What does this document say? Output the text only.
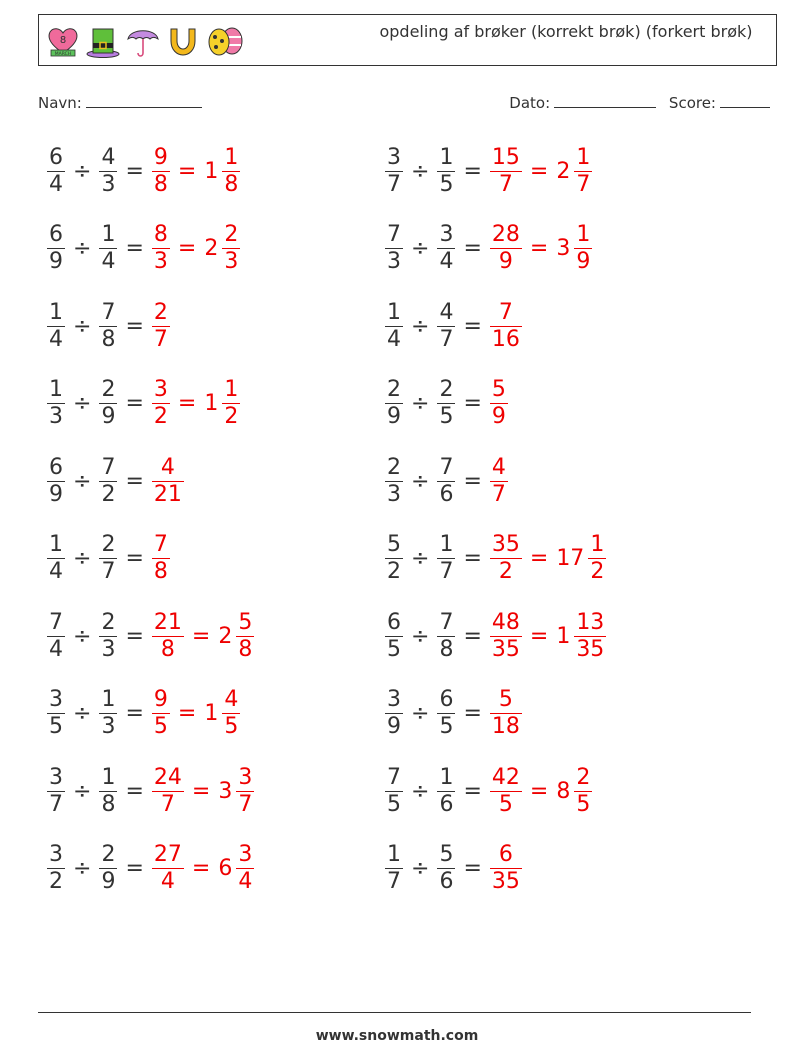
8
MARCH
opdeling af brøker (korrekt brøk) (forkert brøk)
Navn:	Dato:	Score:
$\frac{6}{4} \div \frac{4}{3} = \frac{9}{8} = 1 \frac{1}{8}$	$\frac{3}{7} \div \frac{1}{5} = \frac{15}{7} = 2 \frac{1}{7}$
$\frac{6}{9} \div \frac{1}{4} = \frac{8}{3} = 2 \frac{2}{3}$	$\frac{7}{3} \div \frac{3}{4} = \frac{28}{9} = 3 \frac{1}{9}$
$\frac{1}{4} \div \frac{7}{8} = \frac{2}{7}$	$\frac{1}{4} \div \frac{4}{7} = \frac{7}{16}$
$\frac{1}{3} \div \frac{2}{9} = \frac{3}{2} = 1 \frac{1}{2}$	$\frac{2}{9} \div \frac{2}{5} = \frac{5}{9}$
$\frac{6}{9} \div \frac{7}{2} = \frac{4}{21}$	$\frac{2}{3} \div \frac{7}{6} = \frac{4}{7}$
$\frac{1}{4} \div \frac{2}{7} = \frac{7}{8}$	$\frac{5}{2} \div \frac{1}{7} = \frac{35}{2} = 17 \frac{1}{2}$
$\frac{7}{4} \div \frac{2}{3} = \frac{21}{8} = 2 \frac{5}{8}$	$\frac{6}{5} \div \frac{7}{8} = \frac{48}{35} = 1 \frac{13}{35}$
$\frac{3}{5} \div \frac{1}{3} = \frac{9}{5} = 1 \frac{4}{5}$	$\frac{3}{9} \div \frac{6}{5} = \frac{5}{18}$
$\frac{3}{7} \div \frac{1}{8} = \frac{24}{7} = 3 \frac{3}{7}$	$\frac{7}{5} \div \frac{1}{6} = \frac{42}{5} = 8 \frac{2}{5}$
$\frac{3}{2} \div \frac{2}{9} = \frac{27}{4} = 6 \frac{3}{4}$	$\frac{1}{7} \div \frac{5}{6} = \frac{6}{35}$
www.snowmath.com
